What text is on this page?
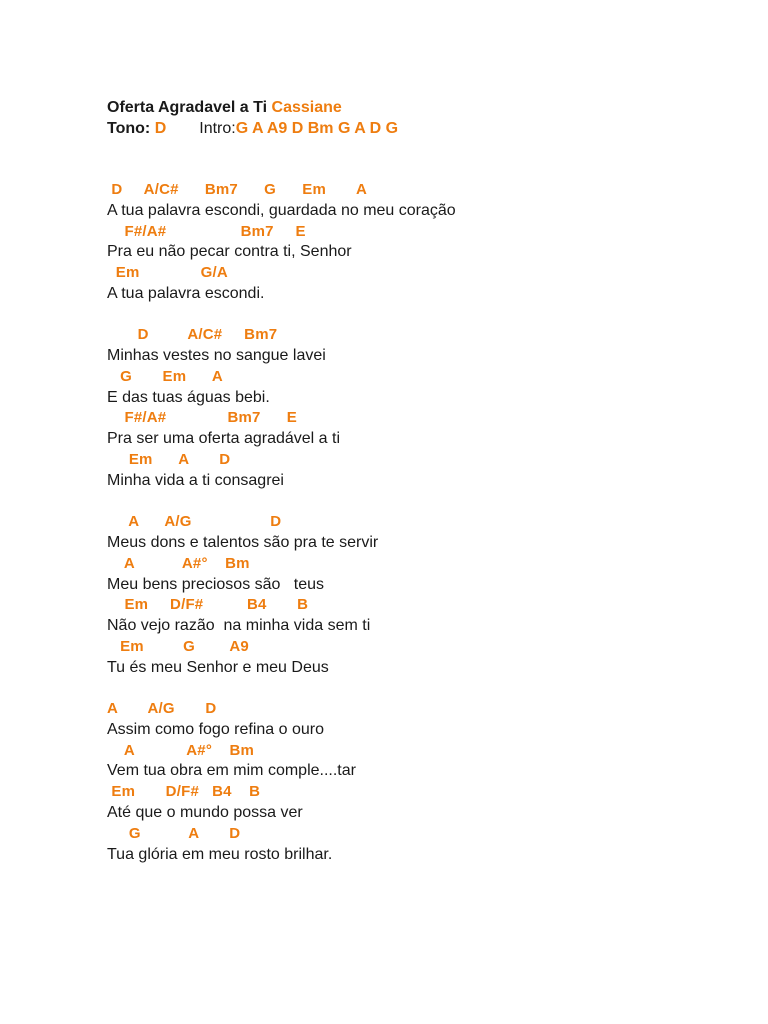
Oferta Agradavel a Ti Cassiane
Tono: D Intro:G A A9 D Bm G A D G
D     A/C#      Bm7      G      Em       A
A tua palavra escondi, guardada no meu coração
F#/A#                 Bm7     E
Pra eu não pecar contra ti, Senhor
Em              G/A
A tua palavra escondi.
D         A/C#     Bm7
Minhas vestes no sangue lavei
G       Em      A
E das tuas águas bebi.
F#/A#              Bm7      E
Pra ser uma oferta agradável a ti
Em      A       D
Minha vida a ti consagrei
A      A/G                  D
Meus dons e talentos são pra te servir
A           A#°    Bm
Meu bens preciosos são   teus
Em     D/F#          B4       B
Não vejo razão  na minha vida sem ti
Em         G        A9
Tu és meu Senhor e meu Deus
A       A/G       D
Assim como fogo refina o ouro
A            A#°    Bm
Vem tua obra em mim comple....tar
Em       D/F#   B4    B
Até que o mundo possa ver
G           A       D
Tua glória em meu rosto brilhar.
